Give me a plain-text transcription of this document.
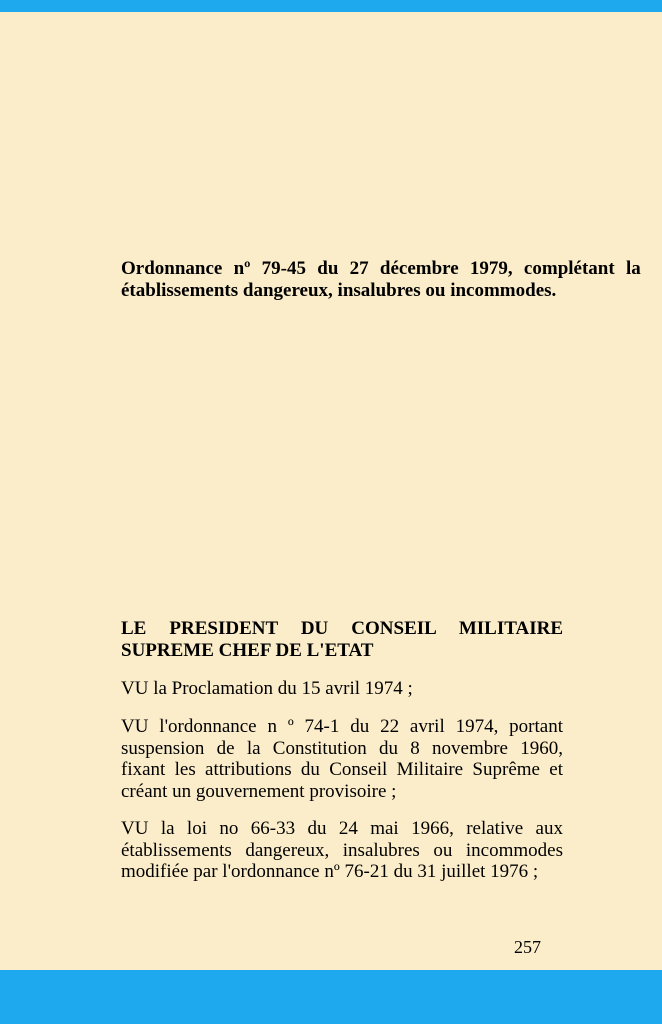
Ordonnance nº 79-45 du 27 décembre 1979, complétant la
établissements dangereux, insalubres ou incommodes.
LE PRESIDENT DU CONSEIL MILITAIRE
SUPREME CHEF DE L'ETAT
VU la Proclamation du 15 avril 1974 ;
VU l'ordonnance n º 74-1 du 22 avril 1974, portant
suspension de la Constitution du 8 novembre 1960,
fixant les attributions du Conseil Militaire Suprême et
créant un gouvernement provisoire ;
VU la loi no 66-33 du 24 mai 1966, relative aux
établissements dangereux, insalubres ou incommodes
modifiée par l'ordonnance nº 76-21 du 31 juillet 1976 ;
257
